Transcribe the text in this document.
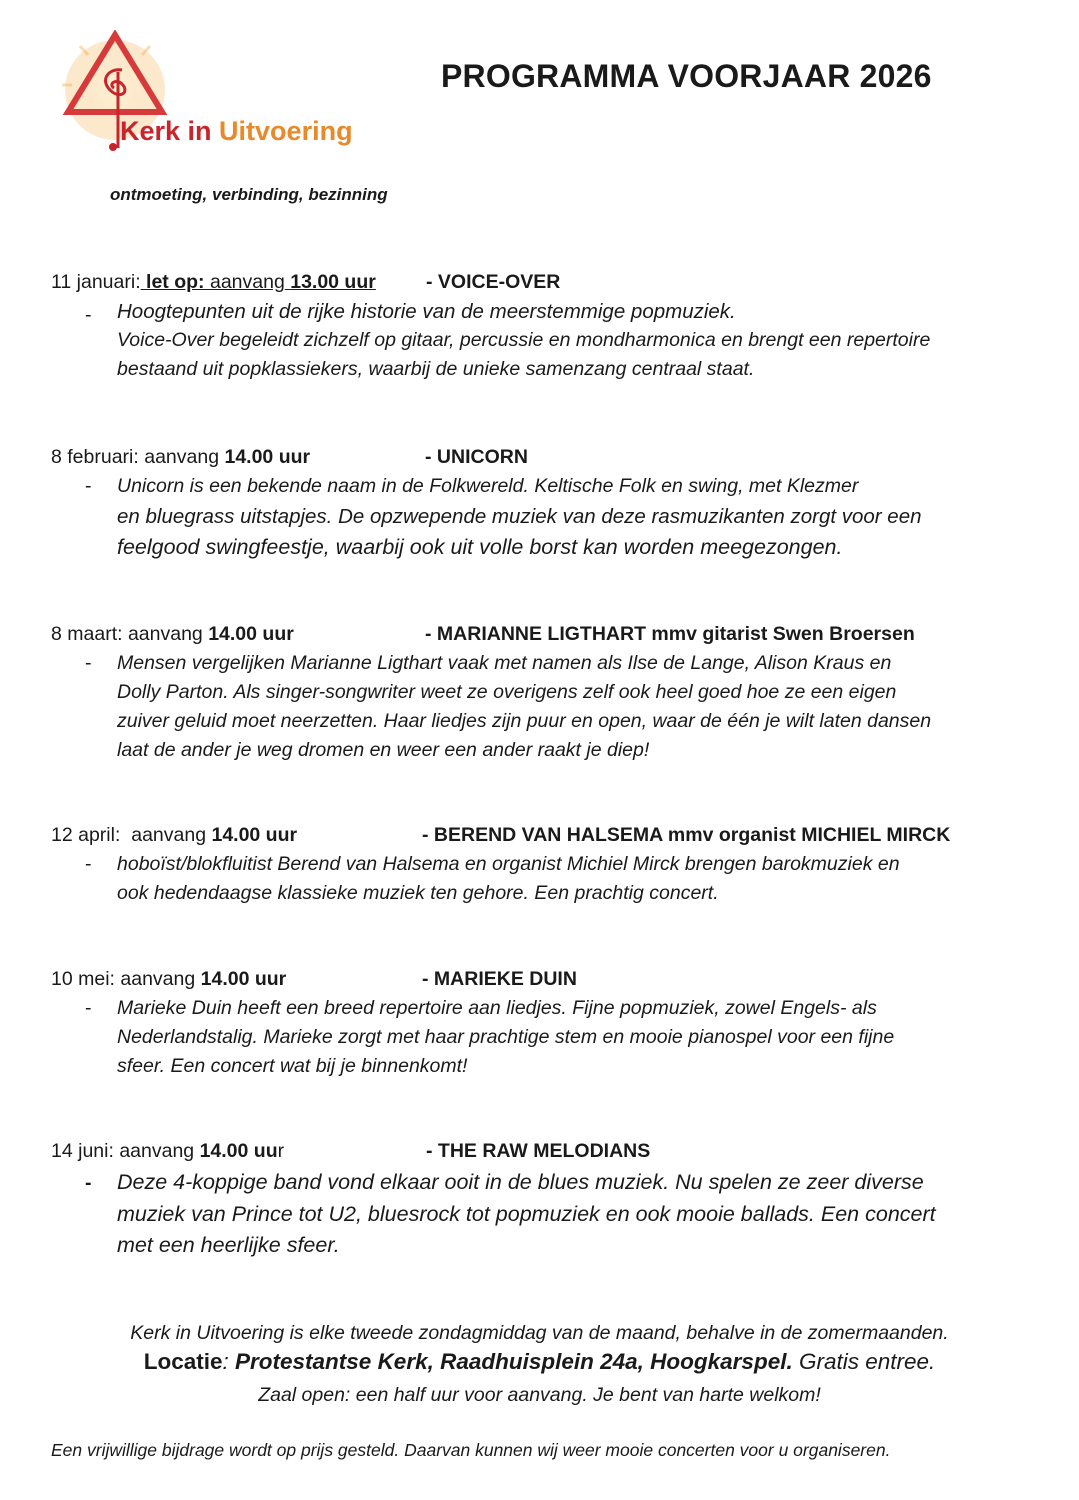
Kerk in Uitvoering
PROGRAMMA VOORJAAR 2026
ontmoeting, verbinding, bezinning
11 januari: let op: aanvang 13.00 uur	- VOICE-OVER
- Hoogtepunten uit de rijke historie van de meerstemmige popmuziek.
Voice-Over begeleidt zichzelf op gitaar, percussie en mondharmonica en brengt een repertoire
bestaand uit popklassiekers, waarbij de unieke samenzang centraal staat.
8 februari: aanvang 14.00 uur	- UNICORN
- Unicorn is een bekende naam in de Folkwereld. Keltische Folk en swing, met Klezmer
en bluegrass uitstapjes. De opzwepende muziek van deze rasmuzikanten zorgt voor een
feelgood swingfeestje, waarbij ook uit volle borst kan worden meegezongen.
8 maart: aanvang 14.00 uur	- MARIANNE LIGTHART mmv gitarist Swen Broersen
- Mensen vergelijken Marianne Ligthart vaak met namen als Ilse de Lange, Alison Kraus en
Dolly Parton. Als singer-songwriter weet ze overigens zelf ook heel goed hoe ze een eigen
zuiver geluid moet neerzetten. Haar liedjes zijn puur en open, waar de één je wilt laten dansen
laat de ander je weg dromen en weer een ander raakt je diep!
12 april: aanvang 14.00 uur	- BEREND VAN HALSEMA mmv organist MICHIEL MIRCK
- hoboïst/blokfluitist Berend van Halsema en organist Michiel Mirck brengen barokmuziek en
ook hedendaagse klassieke muziek ten gehore. Een prachtig concert.
10 mei: aanvang 14.00 uur	- MARIEKE DUIN
- Marieke Duin heeft een breed repertoire aan liedjes. Fijne popmuziek, zowel Engels- als
Nederlandstalig. Marieke zorgt met haar prachtige stem en mooie pianospel voor een fijne
sfeer. Een concert wat bij je binnenkomt!
14 juni: aanvang 14.00 uur	- THE RAW MELODIANS
- Deze 4-koppige band vond elkaar ooit in de blues muziek. Nu spelen ze zeer diverse
muziek van Prince tot U2, bluesrock tot popmuziek en ook mooie ballads. Een concert
met een heerlijke sfeer.
Kerk in Uitvoering is elke tweede zondagmiddag van de maand, behalve in de zomermaanden.
Locatie: Protestantse Kerk, Raadhuisplein 24a, Hoogkarspel. Gratis entree.
Zaal open: een half uur voor aanvang. Je bent van harte welkom!
Een vrijwillige bijdrage wordt op prijs gesteld. Daarvan kunnen wij weer mooie concerten voor u organiseren.
